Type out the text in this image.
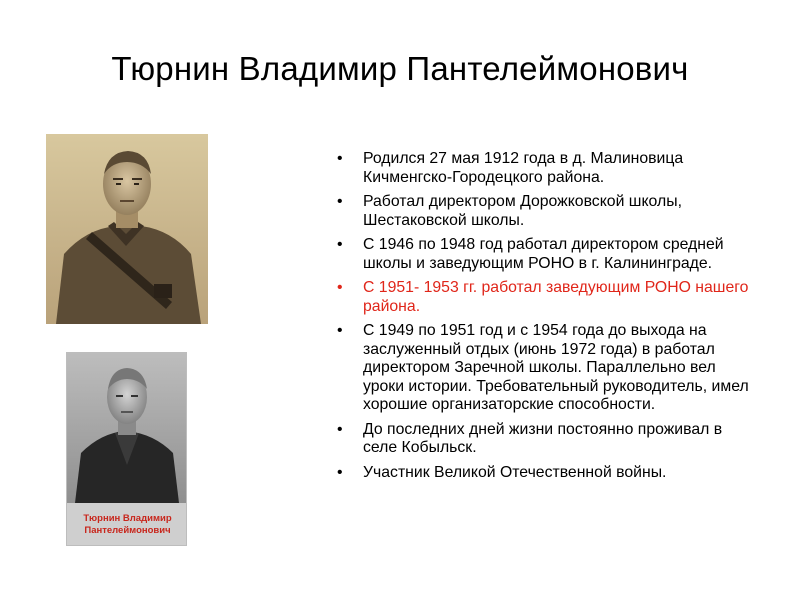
Тюрнин Владимир Пантелеймонович
Тюрнин Владимир
Пантелеймонович
• Родился 27 мая 1912 года в д. Малиновица Кичменгско-Городецкого района.
• Работал директором Дорожковской школы, Шестаковской школы.
• С 1946 по 1948 год работал директором средней школы и заведующим РОНО в г. Калининграде.
• С 1951- 1953 гг. работал заведующим РОНО нашего района.
• С 1949 по 1951 год и с 1954 года до выхода на заслуженный отдых (июнь 1972 года) в работал директором Заречной школы. Параллельно вел уроки истории. Требовательный руководитель, имел хорошие организаторские способности.
• До последних дней жизни постоянно проживал в селе Кобыльск.
• Участник Великой Отечественной войны.
